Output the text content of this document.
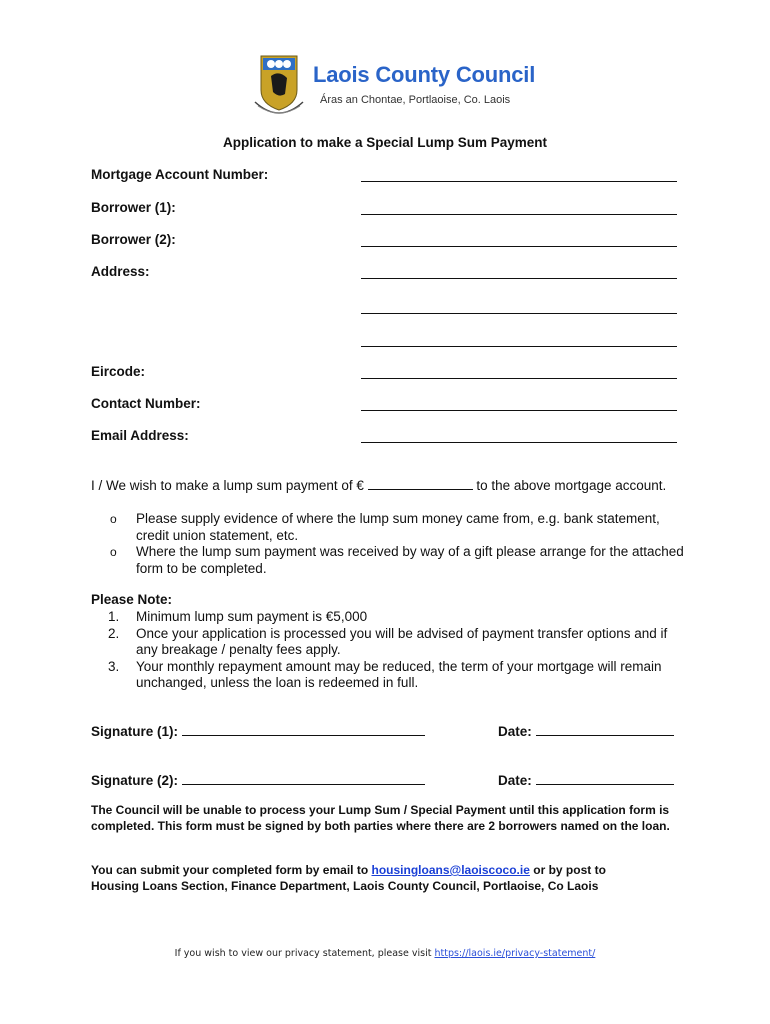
Laois County Council
Áras an Chontae, Portlaoise, Co. Laois
Application to make a Special Lump Sum Payment
Mortgage Account Number:
Borrower (1):
Borrower (2):
Address:
Eircode:
Contact Number:
Email Address:
I / We wish to make a lump sum payment of €	to the above mortgage account.
o	Please supply evidence of where the lump sum money came from, e.g. bank statement, credit union statement, etc.
o	Where the lump sum payment was received by way of a gift please arrange for the attached form to be completed.
Please Note:
1.	Minimum lump sum payment is €5,000
2.	Once your application is processed you will be advised of payment transfer options and if any breakage / penalty fees apply.
3.	Your monthly repayment amount may be reduced, the term of your mortgage will remain unchanged, unless the loan is redeemed in full.
Signature (1):	Date:
Signature (2):	Date:
The Council will be unable to process your Lump Sum / Special Payment until this application form is completed. This form must be signed by both parties where there are 2 borrowers named on the loan.
You can submit your completed form by email to housingloans@laoiscoco.ie or by post to
Housing Loans Section, Finance Department, Laois County Council, Portlaoise, Co Laois
If you wish to view our privacy statement, please visit https://laois.ie/privacy-statement/
